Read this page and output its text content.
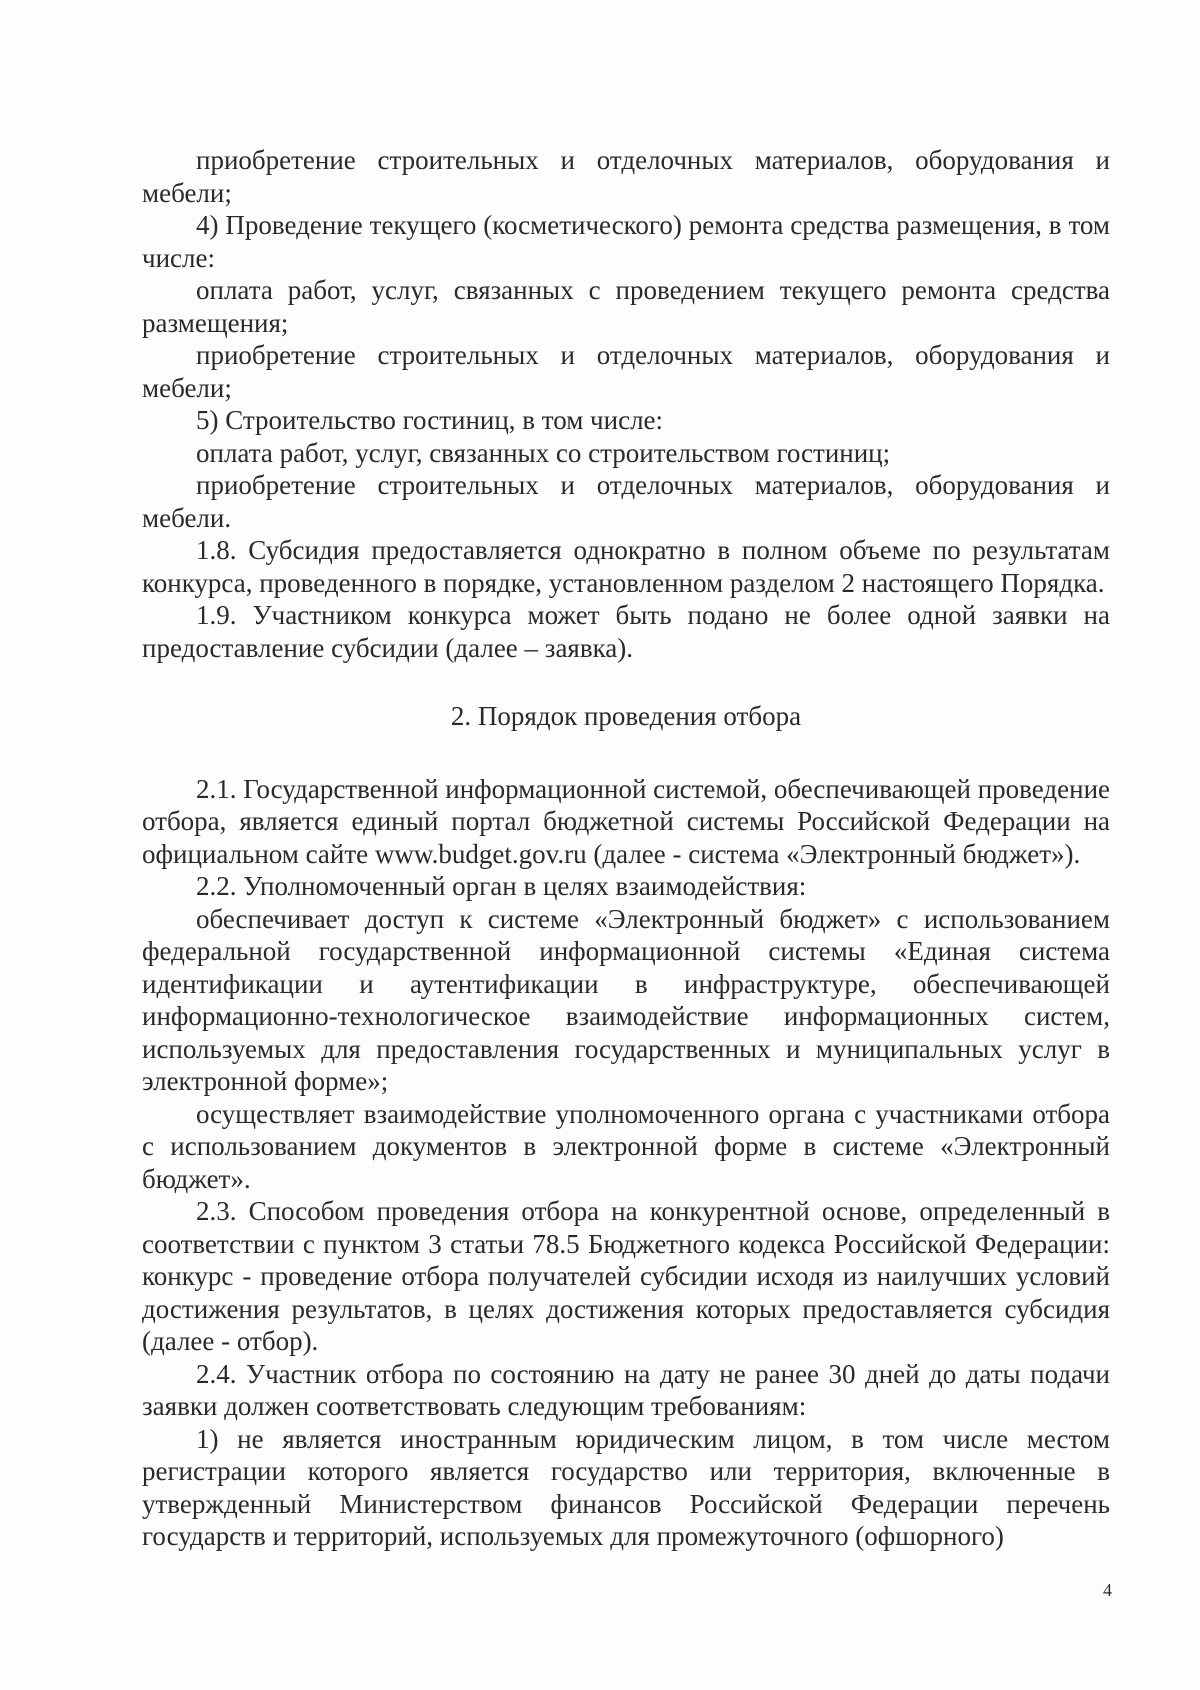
приобретение строительных и отделочных материалов, оборудования и мебели;

4) Проведение текущего (косметического) ремонта средства размещения, в том числе:

оплата работ, услуг, связанных с проведением текущего ремонта средства размещения;

приобретение строительных и отделочных материалов, оборудования и мебели;

5) Строительство гостиниц, в том числе:

оплата работ, услуг, связанных со строительством гостиниц;

приобретение строительных и отделочных материалов, оборудования и мебели.

1.8. Субсидия предоставляется однократно в полном объеме по результатам конкурса, проведенного в порядке, установленном разделом 2 настоящего Порядка.

1.9. Участником конкурса может быть подано не более одной заявки на предоставление субсидии (далее – заявка).

2. Порядок проведения отбора

2.1. Государственной информационной системой, обеспечивающей проведение отбора, является единый портал бюджетной системы Российской Федерации на официальном сайте www.budget.gov.ru (далее - система «Электронный бюджет»).

2.2. Уполномоченный орган в целях взаимодействия:

обеспечивает доступ к системе «Электронный бюджет» с использованием федеральной государственной информационной системы «Единая система идентификации и аутентификации в инфраструктуре, обеспечивающей информационно-технологическое взаимодействие информационных систем, используемых для предоставления государственных и муниципальных услуг в электронной форме»;

осуществляет взаимодействие уполномоченного органа с участниками отбора с использованием документов в электронной форме в системе «Электронный бюджет».

2.3. Способом проведения отбора на конкурентной основе, определенный в соответствии с пунктом 3 статьи 78.5 Бюджетного кодекса Российской Федерации: конкурс - проведение отбора получателей субсидии исходя из наилучших условий достижения результатов, в целях достижения которых предоставляется субсидия (далее - отбор).

2.4. Участник отбора по состоянию на дату не ранее 30 дней до даты подачи заявки должен соответствовать следующим требованиям:

1) не является иностранным юридическим лицом, в том числе местом регистрации которого является государство или территория, включенные в утвержденный Министерством финансов Российской Федерации перечень государств и территорий, используемых для промежуточного (офшорного)

4
